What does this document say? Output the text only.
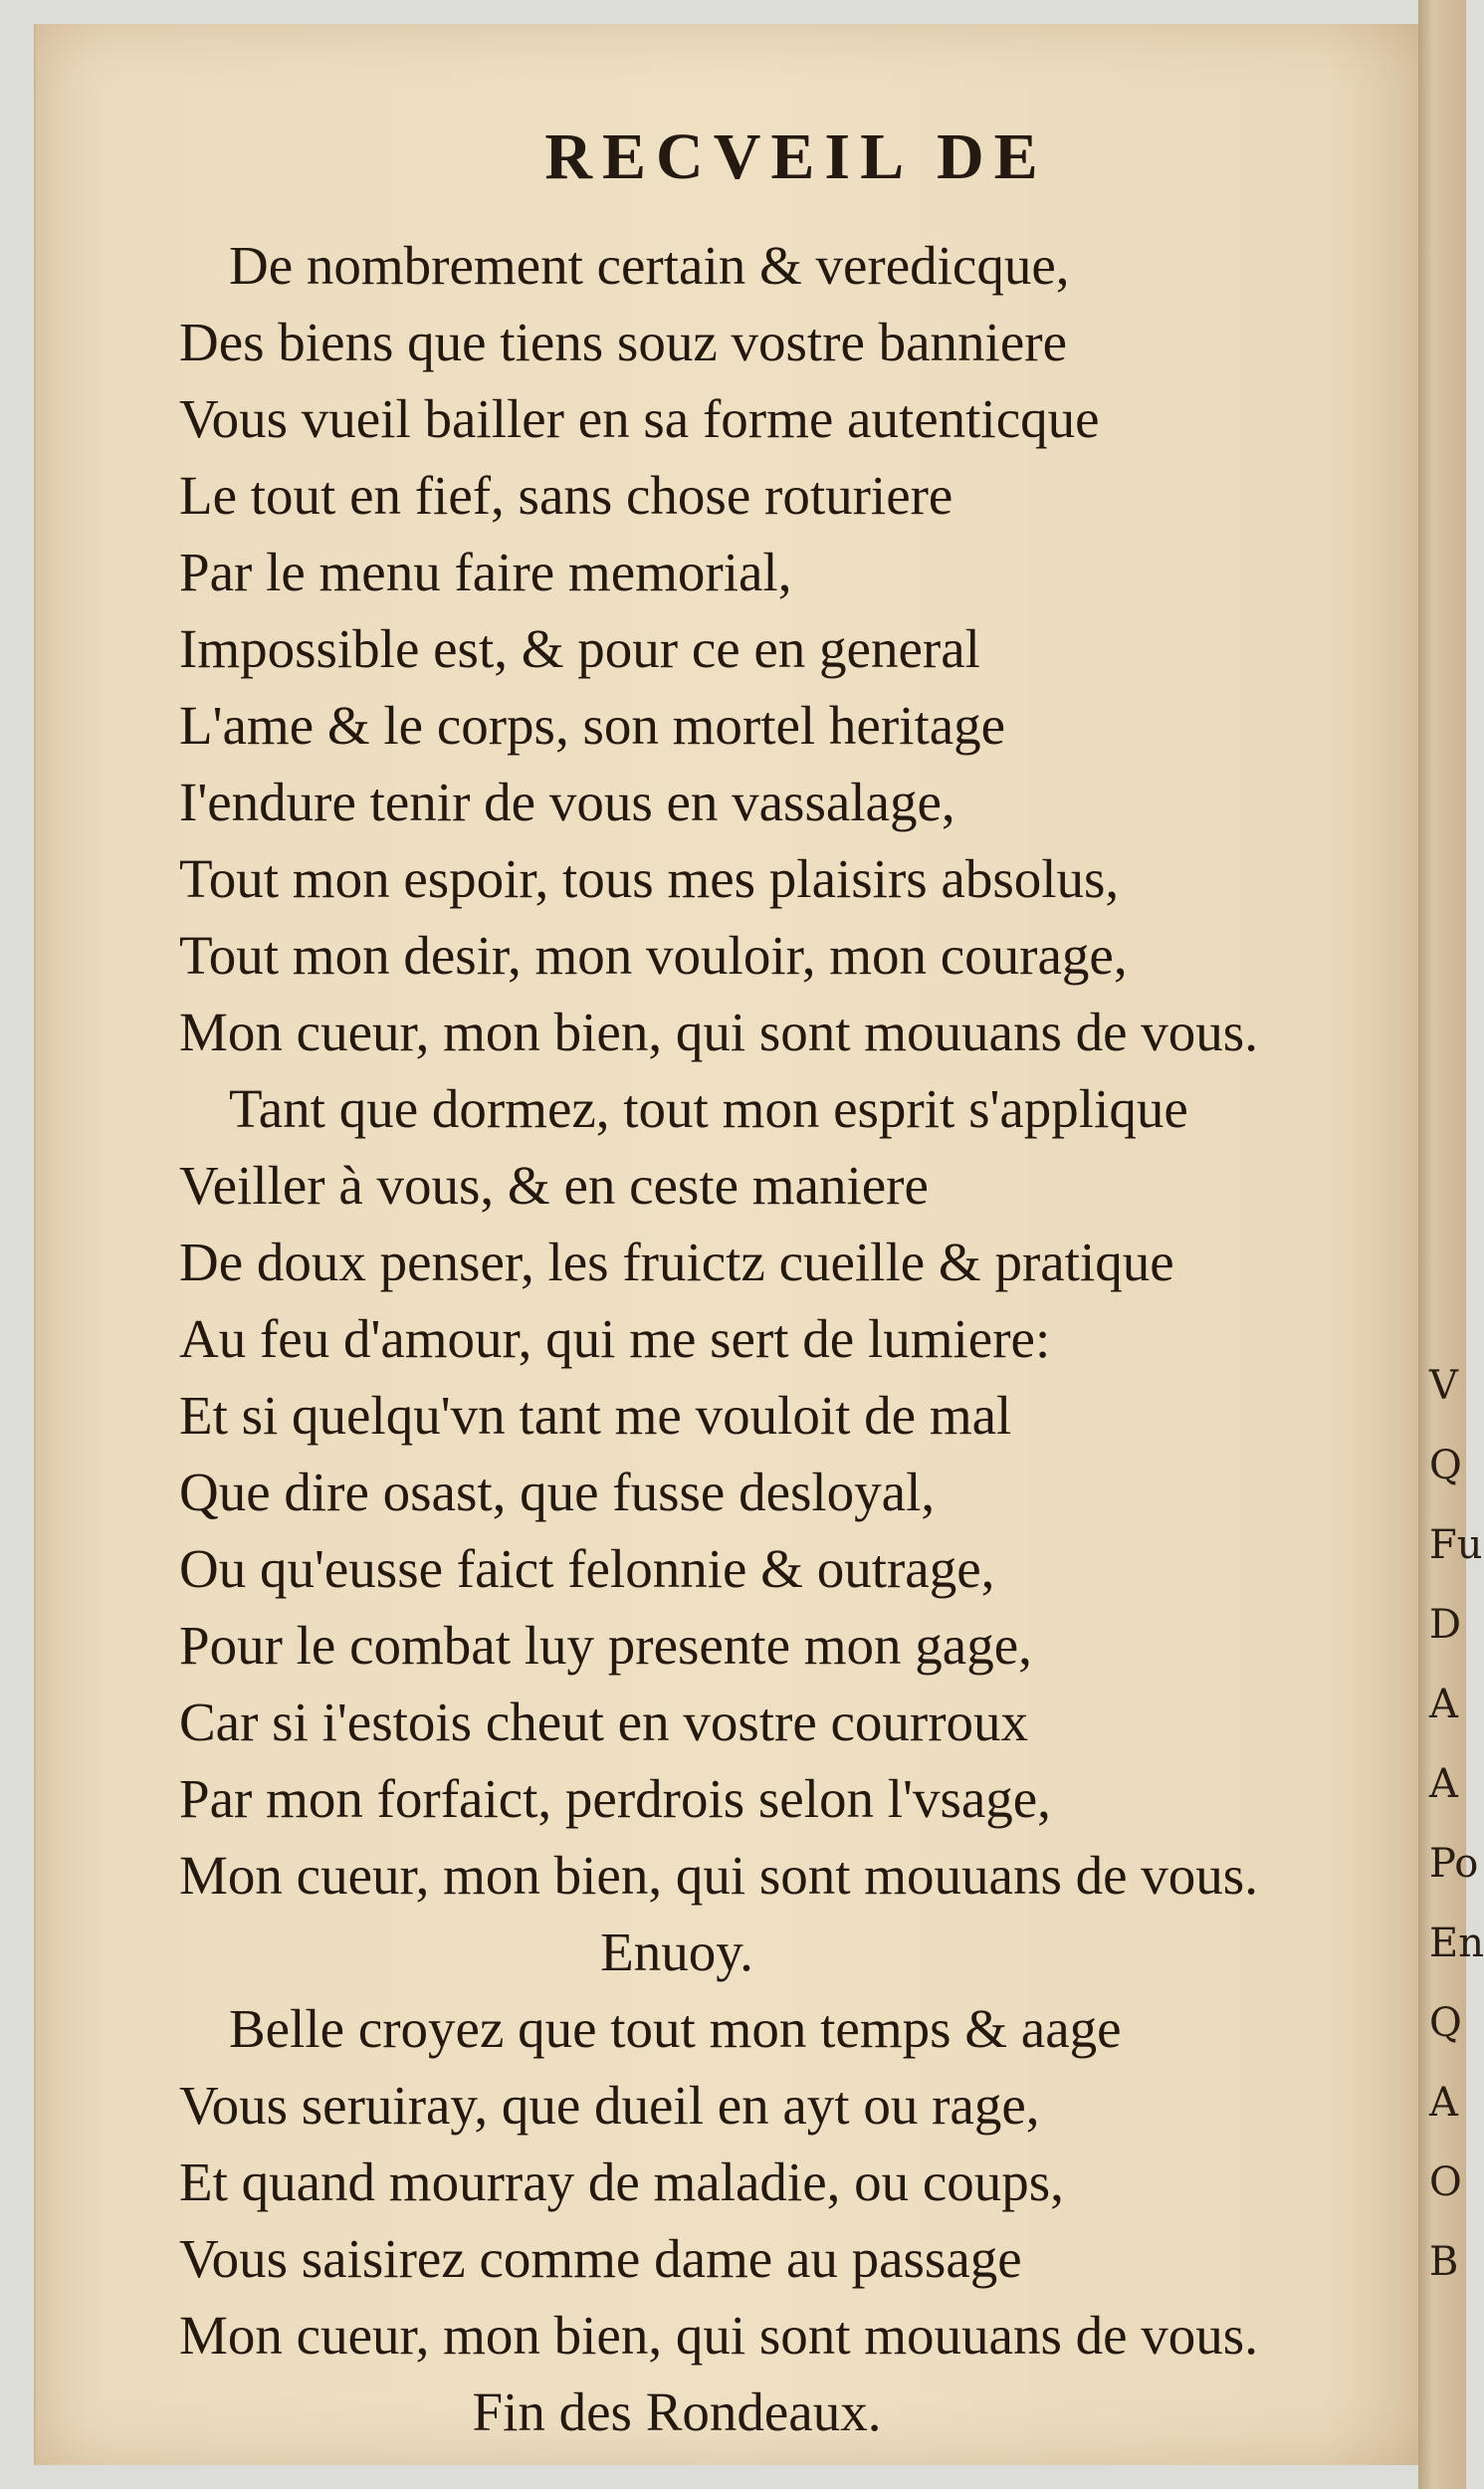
RECVEIL DE
De nombrement certain & veredicque,
Des biens que tiens souz vostre banniere
Vous vueil bailler en sa forme autenticque
Le tout en fief, sans chose roturiere
Par le menu faire memorial,
Impossible est, & pour ce en general
L'ame & le corps, son mortel heritage
I'endure tenir de vous en vassalage,
Tout mon espoir, tous mes plaisirs absolus,
Tout mon desir, mon vouloir, mon courage,
Mon cueur, mon bien, qui sont mouuans de vous.
Tant que dormez, tout mon esprit s'applique
Veiller à vous, & en ceste maniere
De doux penser, les fruictz cueille & pratique
Au feu d'amour, qui me sert de lumiere:
Et si quelqu'vn tant me vouloit de mal
Que dire osast, que fusse desloyal,
Ou qu'eusse faict felonnie & outrage,
Pour le combat luy presente mon gage,
Car si i'estois cheut en vostre courroux
Par mon forfaict, perdrois selon l'vsage,
Mon cueur, mon bien, qui sont mouuans de vous.
Enuoy.
Belle croyez que tout mon temps & aage
Vous seruiray, que dueil en ayt ou rage,
Et quand mourray de maladie, ou coups,
Vous saisirez comme dame au passage
Mon cueur, mon bien, qui sont mouuans de vous.
Fin des Rondeaux.
V
Q
Fu
D
A
A
Po
En
Q
A
O
B
